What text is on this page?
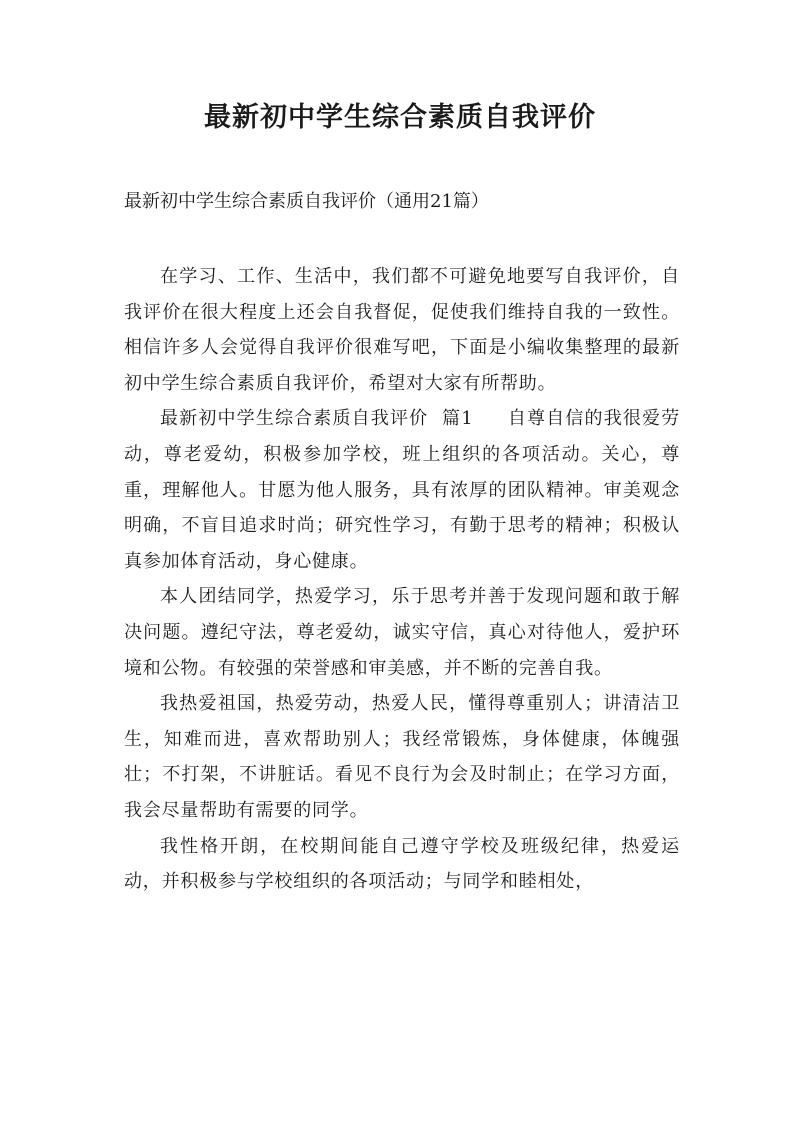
最新初中学生综合素质自我评价

最新初中学生综合素质自我评价（通用21篇）

在学习、工作、生活中，我们都不可避免地要写自我评价，自我评价在很大程度上还会自我督促，促使我们维持自我的一致性。相信许多人会觉得自我评价很难写吧，下面是小编收集整理的最新初中学生综合素质自我评价，希望对大家有所帮助。

最新初中学生综合素质自我评价  篇1     自尊自信的我很爱劳动，尊老爱幼，积极参加学校，班上组织的各项活动。关心，尊重，理解他人。甘愿为他人服务，具有浓厚的团队精神。审美观念明确，不盲目追求时尚；研究性学习，有勤于思考的精神；积极认真参加体育活动，身心健康。

本人团结同学，热爱学习，乐于思考并善于发现问题和敢于解决问题。遵纪守法，尊老爱幼，诚实守信，真心对待他人，爱护环境和公物。有较强的荣誉感和审美感，并不断的完善自我。

我热爱祖国，热爱劳动，热爱人民，懂得尊重别人；讲清洁卫生，知难而进，喜欢帮助别人；我经常锻炼，身体健康，体魄强壮；不打架，不讲脏话。看见不良行为会及时制止；在学习方面，我会尽量帮助有需要的同学。

我性格开朗，在校期间能自己遵守学校及班级纪律，热爱运动，并积极参与学校组织的各项活动；与同学和睦相处，
